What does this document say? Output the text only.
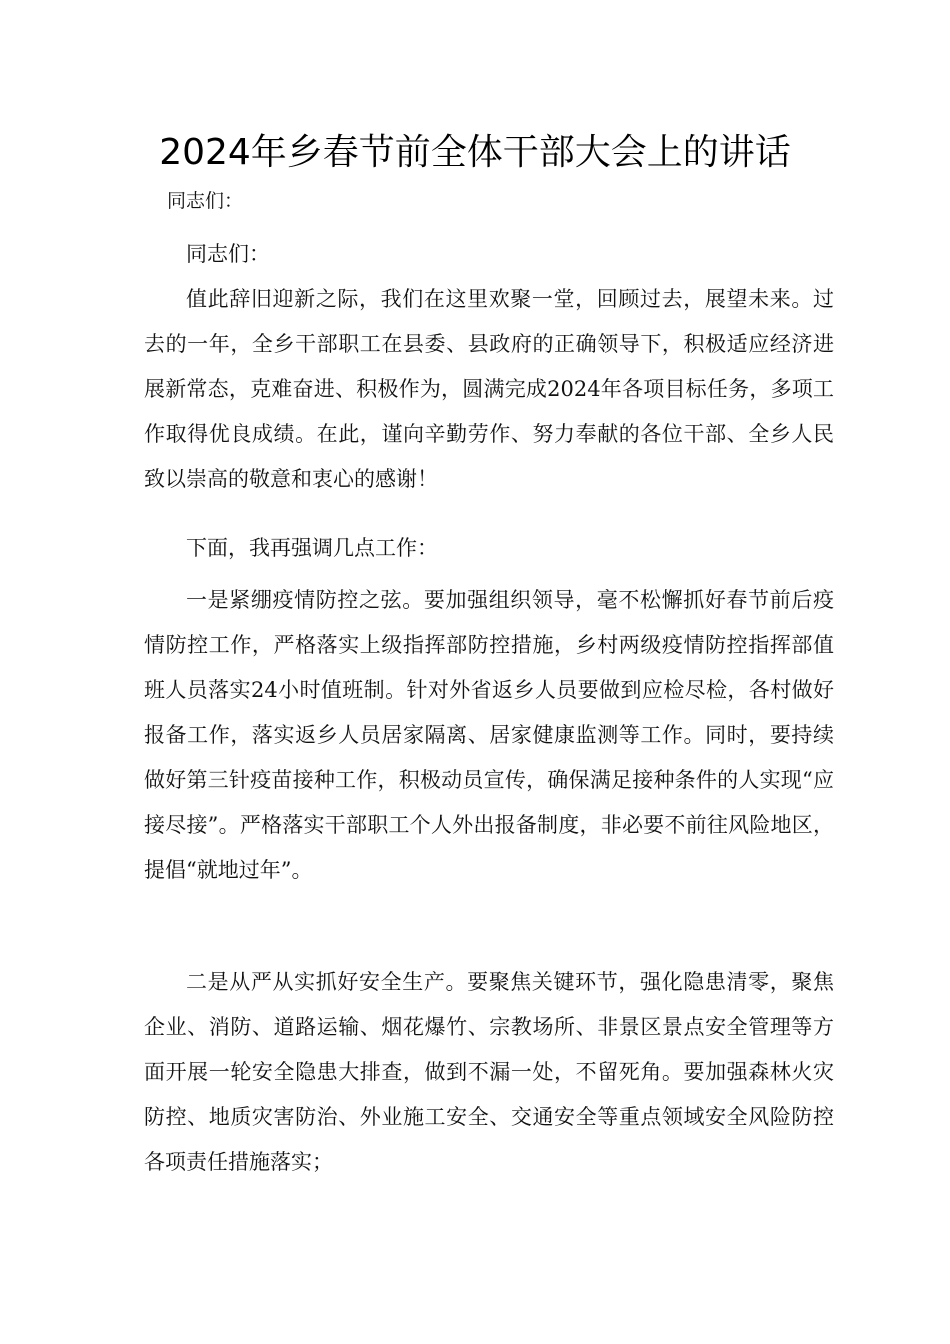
2024年乡春节前全体干部大会上的讲话
同志们：

同志们：

值此辞旧迎新之际，我们在这里欢聚一堂，回顾过去，展望未来。过去的一年，全乡干部职工在县委、县政府的正确领导下，积极适应经济进展新常态，克难奋进、积极作为，圆满完成2024年各项目标任务，多项工作取得优良成绩。在此，谨向辛勤劳作、努力奉献的各位干部、全乡人民致以崇高的敬意和衷心的感谢！

下面，我再强调几点工作：

一是紧绷疫情防控之弦。要加强组织领导，毫不松懈抓好春节前后疫情防控工作，严格落实上级指挥部防控措施，乡村两级疫情防控指挥部值班人员落实24小时值班制。针对外省返乡人员要做到应检尽检，各村做好报备工作，落实返乡人员居家隔离、居家健康监测等工作。同时，要持续做好第三针疫苗接种工作，积极动员宣传，确保满足接种条件的人实现“应接尽接”。严格落实干部职工个人外出报备制度，非必要不前往风险地区，提倡“就地过年”。

二是从严从实抓好安全生产。要聚焦关键环节，强化隐患清零，聚焦企业、消防、道路运输、烟花爆竹、宗教场所、非景区景点安全管理等方面开展一轮安全隐患大排查，做到不漏一处，不留死角。要加强森林火灾防控、地质灾害防治、外业施工安全、交通安全等重点领域安全风险防控各项责任措施落实；
